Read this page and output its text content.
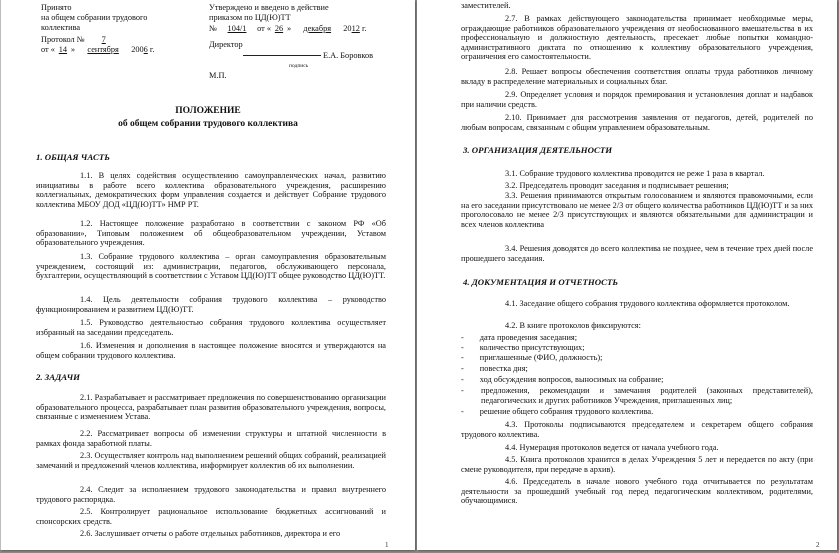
Принято
на общем собрании трудового
коллектива
Протокол № 7
от « 14 » сентября 2006 г.
Утверждено и введено в действие
приказом по ЦД(Ю)ТТ
№ 104/1 от « 26 » декабря 2012 г.
Директор
Е.А. Боровков
подпись
М.П.
ПОЛОЖЕНИЕ
об общем собрании трудового коллектива
1. ОБЩАЯ ЧАСТЬ
1.1. В целях содействия осуществлению самоуправленческих начал, развитию инициативы в работе всего коллектива образовательного учреждения, расширению коллегиальных, демократических форм управления создается и действует Собрание трудового коллектива МБОУ ДОД «ЦД(Ю)ТТ» НМР РТ.
1.2. Настоящее положение разработано в соответствии с законом РФ «Об образовании», Типовым положением об общеобразовательном учреждении, Уставом образовательного учреждения.
1.3. Собрание трудового коллектива – орган самоуправления образовательным учреждением, состоящий из: администрации, педагогов, обслуживающего персонала, бухгалтерии, осуществляющий в соответствии с Уставом ЦД(Ю)ТТ общее руководство ЦД(Ю)ТТ.
1.4. Цель деятельности собрания трудового коллектива – руководство функционированием и развитием ЦД(Ю)ТТ.
1.5. Руководство деятельностью собрания трудового коллектива осуществляет избранный на заседании председатель.
1.6. Изменения и дополнения в настоящее положение вносятся и утверждаются на общем собрании трудового коллектива.
2. ЗАДАЧИ
2.1. Разрабатывает и рассматривает предложения по совершенствованию организации образовательного процесса, разрабатывает план развития образовательного учреждения, вопросы, связанные с изменением Устава.
2.2. Рассматривает вопросы об изменении структуры и штатной численности в рамках фонда заработной платы.
2.3. Осуществляет контроль над выполнением решений общих собраний, реализацией замечаний и предложений членов коллектива, информирует коллектив об их выполнении.
2.4. Следит за исполнением трудового законодательства и правил внутреннего трудового распорядка.
2.5. Контролирует рациональное использование бюджетных ассигнований и спонсорских средств.
2.6. Заслушивает отчеты о работе отдельных работников, директора и его
1
заместителей.
2.7. В рамках действующего законодательства принимает необходимые меры, ограждающие работников образовательного учреждения от необоснованного вмешательства в их профессиональную и должностную деятельность, пресекает любые попытки командно-административного диктата по отношению к коллективу образовательного учреждения, ограничения его самостоятельности.
2.8. Решает вопросы обеспечения соответствия оплаты труда работников личному вкладу в распределение материальных и социальных благ.
2.9. Определяет условия и порядок премирования и установления доплат и надбавок при наличии средств.
2.10. Принимает для рассмотрения заявления от педагогов, детей, родителей по любым вопросам, связанным с общим управлением образовательным.
3. ОРГАНИЗАЦИЯ ДЕЯТЕЛЬНОСТИ
3.1. Собрание трудового коллектива проводится не реже 1 раза в квартал.
3.2. Председатель проводит заседания и подписывает решения;
3.3. Решения принимаются открытым голосованием и являются правомочными, если на его заседании присутствовало не менее 2/3 от общего количества работников ЦД(Ю)ТТ и за них проголосовало не менее 2/3 присутствующих и являются обязательными для администрации и всех членов коллектива
3.4. Решения доводятся до всего коллектива не позднее, чем в течение трех дней после прошедшего заседания.
4. ДОКУМЕНТАЦИЯ И ОТЧЕТНОСТЬ
4.1. Заседание общего собрания трудового коллектива оформляется протоколом.
4.2. В книге протоколов фиксируются:
- дата проведения заседания;
- количество присутствующих;
- приглашенные (ФИО, должность);
- повестка дня;
- ход обсуждения вопросов, выносимых на собрание;
- предложения, рекомендации и замечания родителей (законных представителей), педагогических и других работников Учреждения, приглашенных лиц;
- решение общего собрания трудового коллектива.
4.3. Протоколы подписываются председателем и секретарем общего собрания трудового коллектива.
4.4. Нумерация протоколов ведется от начала учебного года.
4.5. Книга протоколов хранится в делах Учреждения 5 лет и передается по акту (при смене руководителя, при передаче в архив).
4.6. Председатель в начале нового учебного года отчитывается по результатам деятельности за прошедший учебный год перед педагогическим коллективом, родителями, обучающимися.
2
